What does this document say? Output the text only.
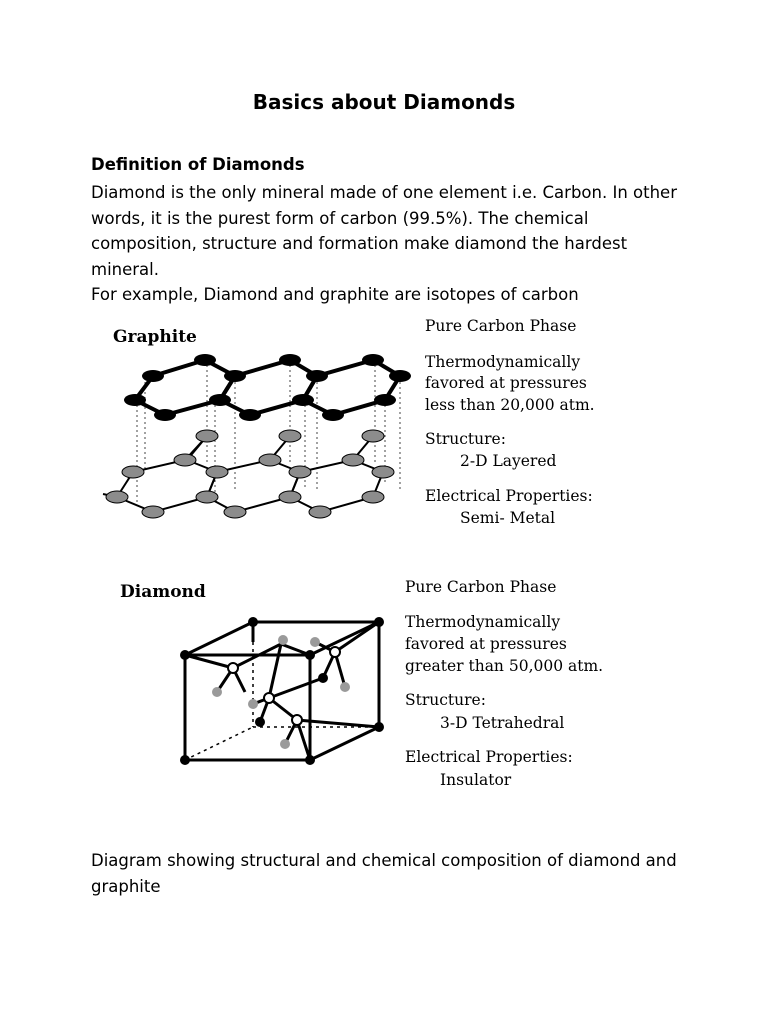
Basics about Diamonds
Definition of Diamonds

Diamond is the only mineral made of one element i.e. Carbon. In other words, it is the purest form of carbon (99.5%). The chemical composition, structure and formation make diamond the hardest mineral.

For example, Diamond and graphite are isotopes of carbon

Graphite
Pure Carbon Phase
Thermodynamically
favored at pressures
less than 20,000 atm.
Structure:
2-D Layered
Electrical Properties:
Semi- Metal
Diamond	Pure Carbon Phase
Thermodynamically
favored at pressures
greater than 50,000 atm.
Structure:
3-D Tetrahedral
Electrical Properties:
Insulator
Diagram showing structural and chemical composition of diamond and graphite
